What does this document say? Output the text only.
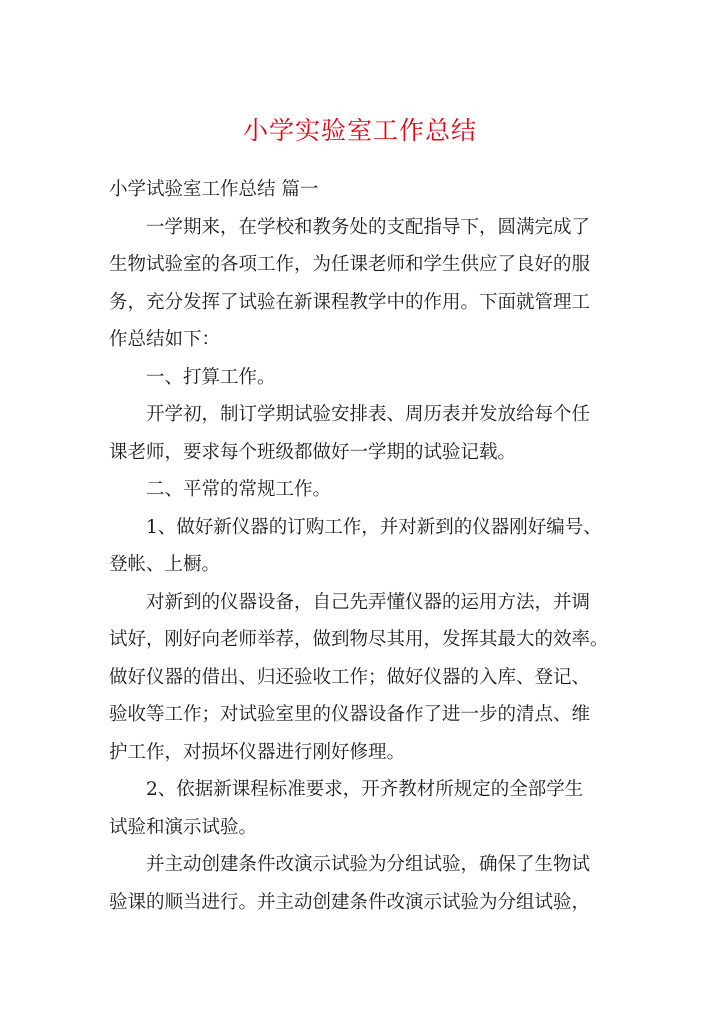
小学实验室工作总结

小学试验室工作总结 篇一

一学期来，在学校和教务处的支配指导下，圆满完成了
生物试验室的各项工作，为任课老师和学生供应了良好的服
务，充分发挥了试验在新课程教学中的作用。下面就管理工
作总结如下：
一、打算工作。
开学初，制订学期试验安排表、周历表并发放给每个任
课老师，要求每个班级都做好一学期的试验记载。
二、平常的常规工作。
1、做好新仪器的订购工作，并对新到的仪器刚好编号、
登帐、上橱。
对新到的仪器设备，自己先弄懂仪器的运用方法，并调
试好，刚好向老师举荐，做到物尽其用，发挥其最大的效率。
做好仪器的借出、归还验收工作；做好仪器的入库、登记、
验收等工作；对试验室里的仪器设备作了进一步的清点、维
护工作，对损坏仪器进行刚好修理。
2、依据新课程标准要求，开齐教材所规定的全部学生
试验和演示试验。
并主动创建条件改演示试验为分组试验，确保了生物试
验课的顺当进行。并主动创建条件改演示试验为分组试验，
